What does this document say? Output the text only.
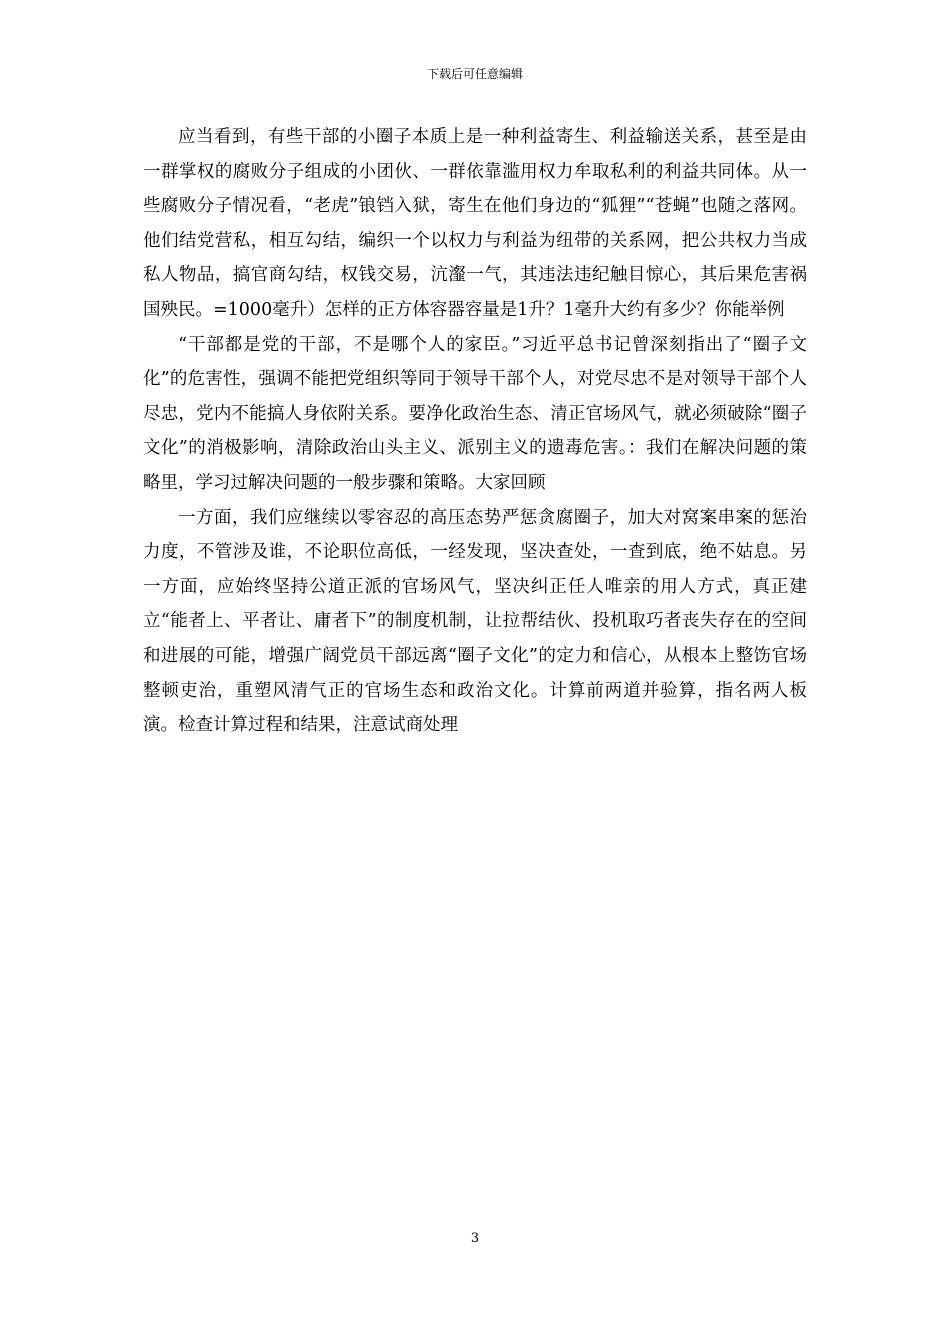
下载后可任意编辑

应当看到，有些干部的小圈子本质上是一种利益寄生、利益输送关系，甚至是由一群掌权的腐败分子组成的小团伙、一群依靠滥用权力牟取私利的利益共同体。从一些腐败分子情况看，“老虎”锒铛入狱，寄生在他们身边的“狐狸”“苍蝇”也随之落网。他们结党营私，相互勾结，编织一个以权力与利益为纽带的关系网，把公共权力当成私人物品，搞官商勾结，权钱交易，沆瀣一气，其违法违纪触目惊心，其后果危害祸国殃民。=1000毫升）怎样的正方体容器容量是1升？1毫升大约有多少？你能举例

“干部都是党的干部，不是哪个人的家臣。”习近平总书记曾深刻指出了“圈子文化”的危害性，强调不能把党组织等同于领导干部个人，对党尽忠不是对领导干部个人尽忠，党内不能搞人身依附关系。要净化政治生态、清正官场风气，就必须破除“圈子文化”的消极影响，清除政治山头主义、派别主义的遗毒危害。：我们在解决问题的策略里，学习过解决问题的一般步骤和策略。大家回顾

一方面，我们应继续以零容忍的高压态势严惩贪腐圈子，加大对窝案串案的惩治力度，不管涉及谁，不论职位高低，一经发现，坚决查处，一查到底，绝不姑息。另一方面，应始终坚持公道正派的官场风气，坚决纠正任人唯亲的用人方式，真正建立“能者上、平者让、庸者下”的制度机制，让拉帮结伙、投机取巧者丧失存在的空间和进展的可能，增强广阔党员干部远离“圈子文化”的定力和信心，从根本上整饬官场整顿吏治，重塑风清气正的官场生态和政治文化。计算前两道并验算，指名两人板演。检查计算过程和结果，注意试商处理

3
